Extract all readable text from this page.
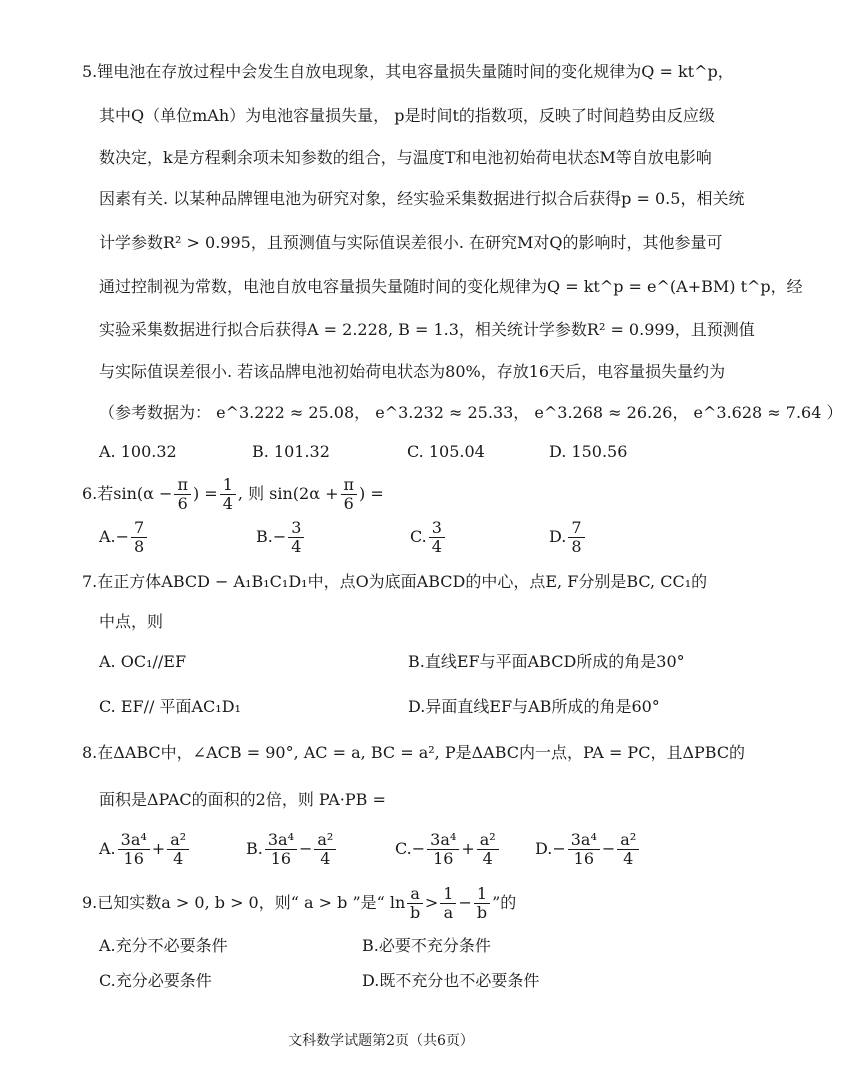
5.锂电池在存放过程中会发生自放电现象，其电容量损失量随时间的变化规律为Q = kt^p，
其中Q（单位mAh）为电池容量损失量， p是时间t的指数项，反映了时间趋势由反应级
数决定，k是方程剩余项未知参数的组合，与温度T和电池初始荷电状态M等自放电影响
因素有关. 以某种品牌锂电池为研究对象，经实验采集数据进行拟合后获得p = 0.5，相关统
计学参数R² > 0.995，且预测值与实际值误差很小. 在研究M对Q的影响时，其他参量可
通过控制视为常数，电池自放电容量损失量随时间的变化规律为Q = kt^p = e^(A+BM) t^p，经
实验采集数据进行拟合后获得A = 2.228, B = 1.3，相关统计学参数R² = 0.999，且预测值
与实际值误差很小. 若该品牌电池初始荷电状态为80%，存放16天后，电容量损失量约为
（参考数据为： e^3.222 ≈ 25.08， e^3.232 ≈ 25.33， e^3.268 ≈ 26.26， e^3.628 ≈ 7.64 ）
A. 100.32	B. 101.32	C. 105.04	D. 150.56
6.若 $\sin(\alpha - \frac{\pi}{6}$ ) = $\frac{1}{4}$ , 则 $\sin(2\alpha + \frac{\pi}{6}$ ) =
A. − $\frac{7}{8}$	B. − $\frac{3}{4}$	C. $\frac{3}{4}$	D. $\frac{7}{8}$
7.在正方体ABCD − A₁B₁C₁D₁中，点O为底面ABCD的中心，点E, F分别是BC, CC₁的
中点，则
A. OC₁//EF	B.直线EF与平面ABCD所成的角是30°
C. EF// 平面AC₁D₁	D.异面直线EF与AB所成的角是60°
8.在ΔABC中，∠ACB = 90°, AC = a, BC = a², P是ΔABC内一点，PA = PC，且ΔPBC的
面积是ΔPAC的面积的2倍，则 PA·PB =
A. $\frac{\text{3a⁴}}{16} + \frac{\text{a²}}{4}$	B. $\frac{\text{3a⁴}}{16} - \frac{\text{a²}}{4}$	C. − $\frac{\text{3a⁴}}{16} + \frac{\text{a²}}{4} D$. − $\frac{\text{3a⁴}}{16} - \frac{\text{a²}}{4}$
9.已知实数a > 0, b > 0，则“ a > b ”是“ $\ln \frac{a}{b} > \frac{1}{a} - \frac{1}{b}$ ”的
A.充分不必要条件	B.必要不充分条件
C.充分必要条件	D.既不充分也不必要条件
文科数学试题第2页（共6页）
